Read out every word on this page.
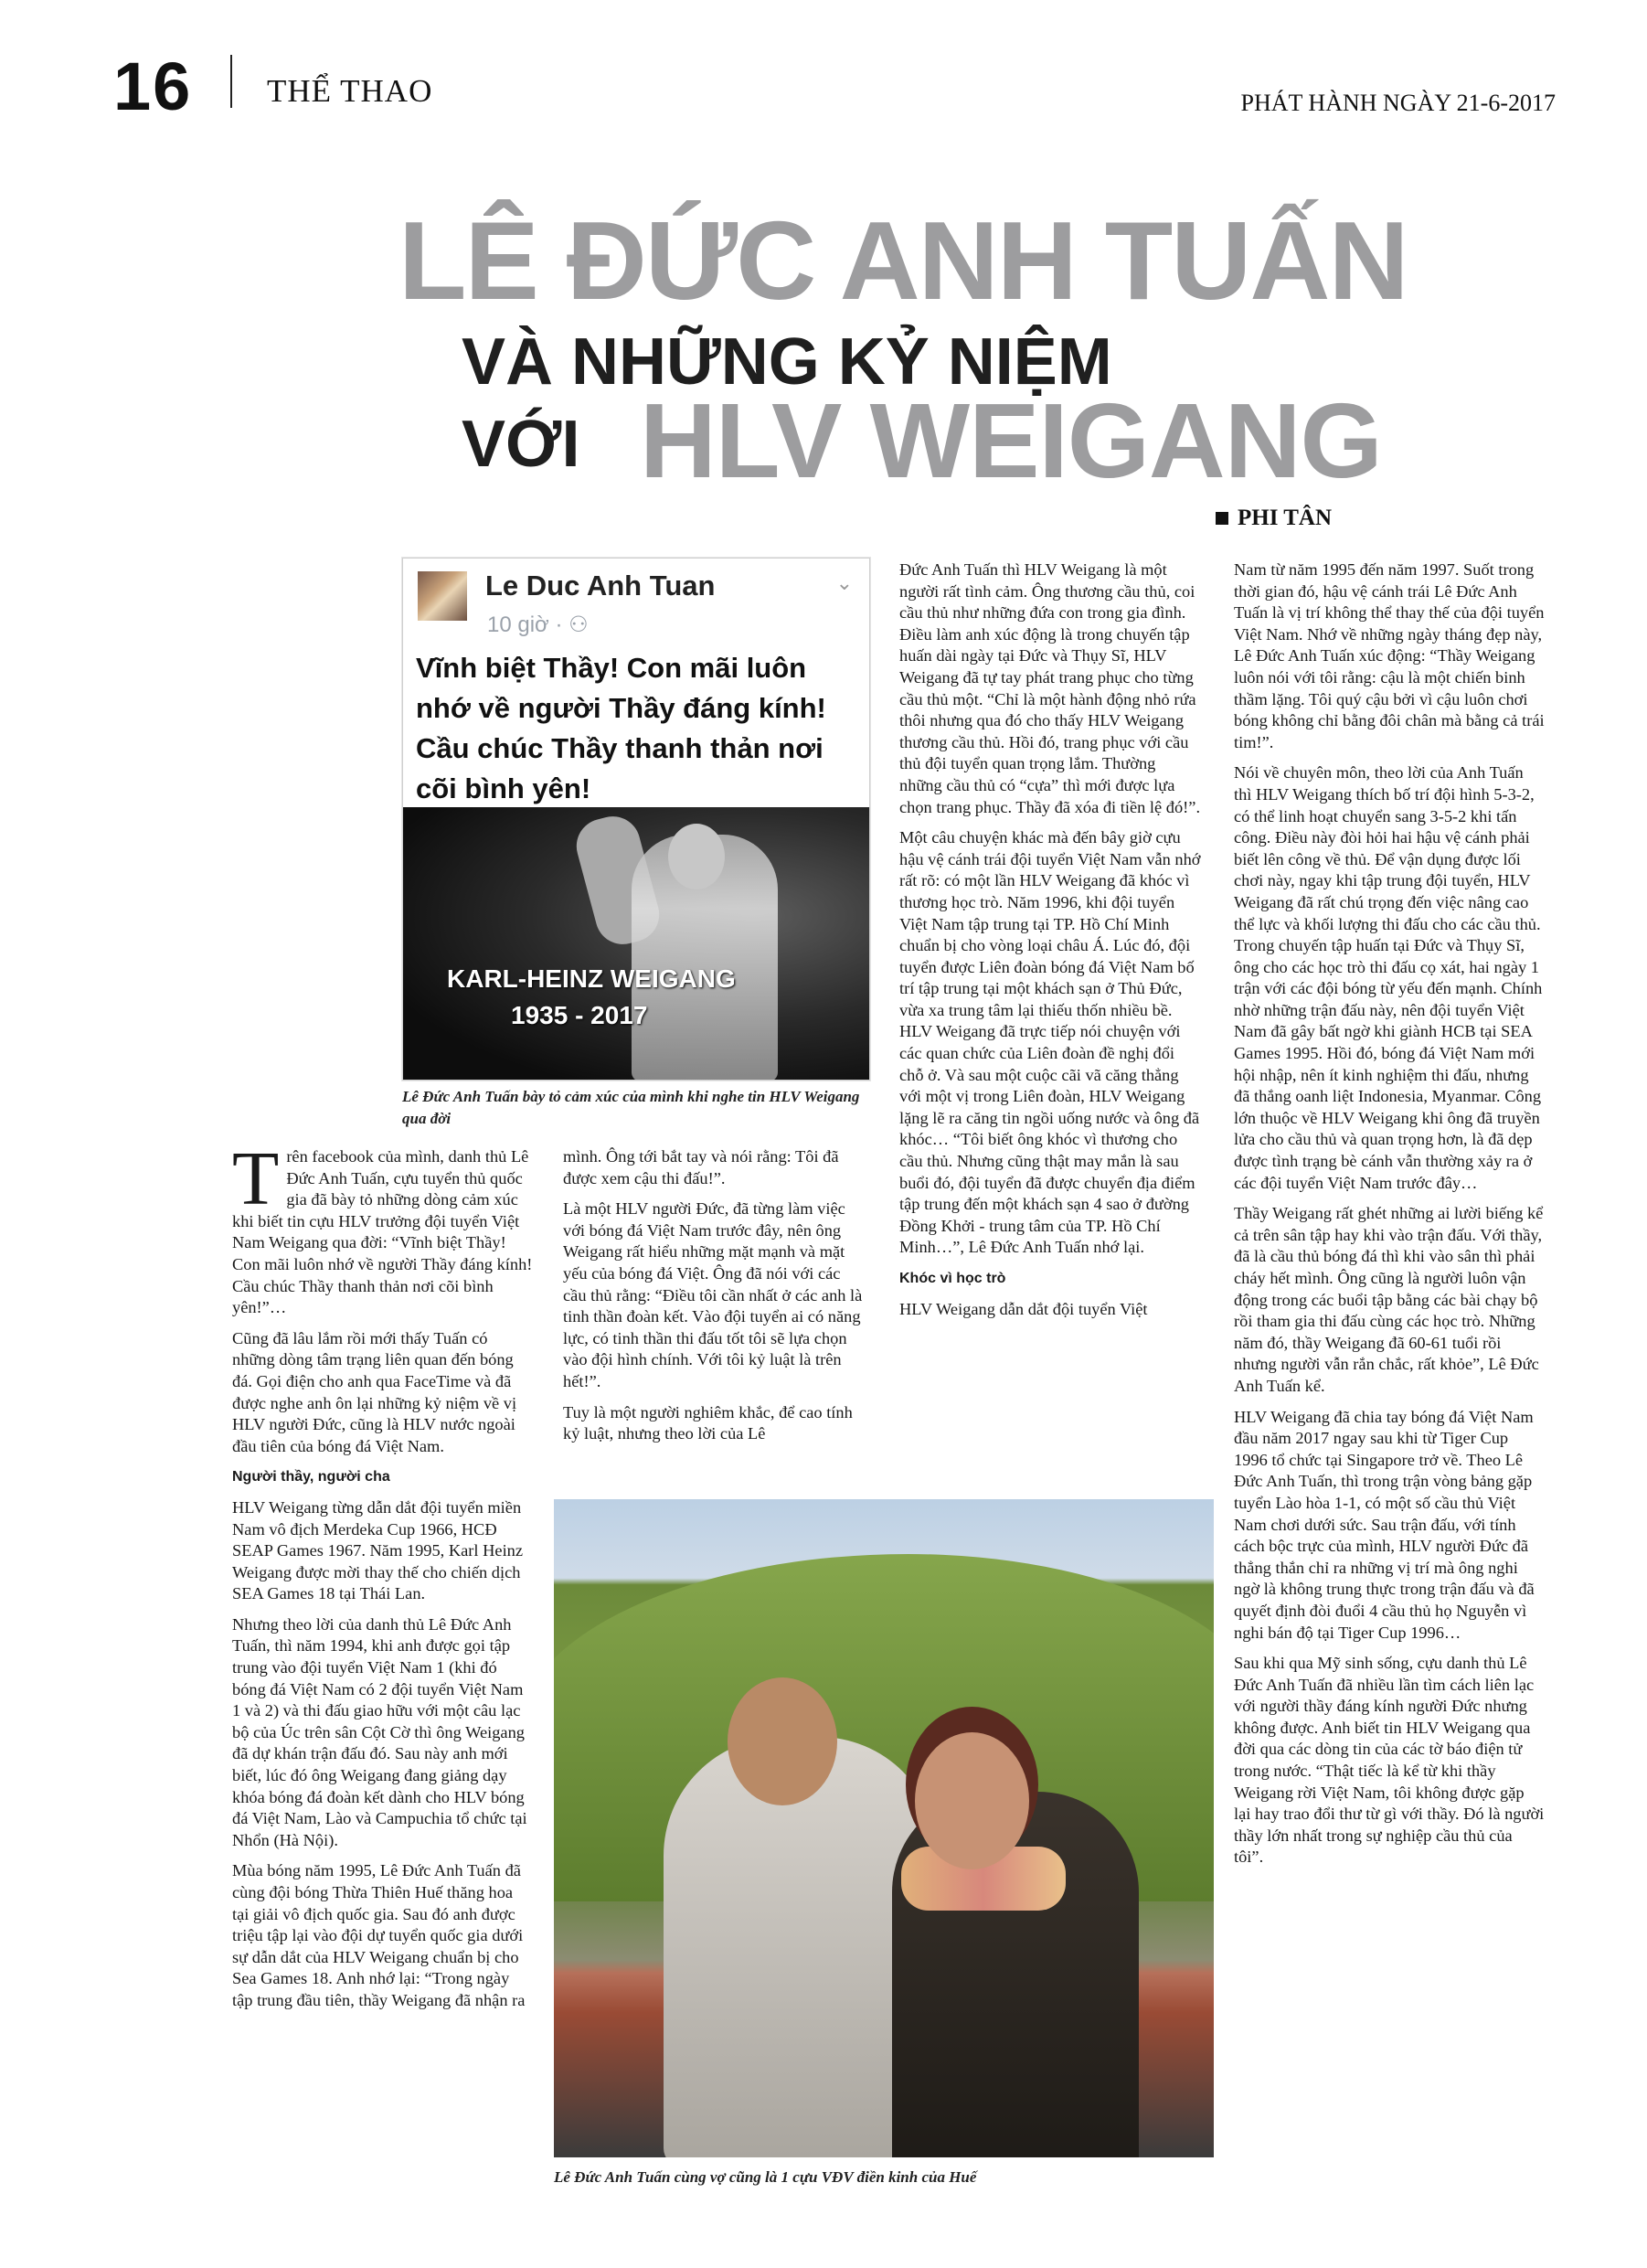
16 THỂ THAO	PHÁT HÀNH NGÀY 21-6-2017
LÊ ĐỨC ANH TUẤN
VÀ NHỮNG KỶ NIỆM
VỚI HLV WEIGANG
PHI TÂN
Le Duc Anh Tuan
10 giờ · ⚇
⌄
Vĩnh biệt Thầy! Con mãi luôn nhớ về người Thầy đáng kính! Cầu chúc Thầy thanh thản nơi cõi bình yên!
KARL-HEINZ WEIGANG
1935 - 2017
Lê Đức Anh Tuấn bày tỏ cảm xúc của mình khi nghe tin HLV Weigang qua đời

Trên facebook của mình, danh thủ Lê Đức Anh Tuấn, cựu tuyển thủ quốc gia đã bày tỏ những dòng cảm xúc khi biết tin cựu HLV trưởng đội tuyển Việt Nam Weigang qua đời: “Vĩnh biệt Thầy! Con mãi luôn nhớ về người Thầy đáng kính! Cầu chúc Thầy thanh thản nơi cõi bình yên!”…

Cũng đã lâu lắm rồi mới thấy Tuấn có những dòng tâm trạng liên quan đến bóng đá. Gọi điện cho anh qua FaceTime và đã được nghe anh ôn lại những kỷ niệm về vị HLV người Đức, cũng là HLV nước ngoài đầu tiên của bóng đá Việt Nam.

Người thầy, người cha

HLV Weigang từng dẫn dắt đội tuyển miền Nam vô địch Merdeka Cup 1966, HCĐ SEAP Games 1967. Năm 1995, Karl Heinz Weigang được mời thay thế cho chiến dịch SEA Games 18 tại Thái Lan.

Nhưng theo lời của danh thủ Lê Đức Anh Tuấn, thì năm 1994, khi anh được gọi tập trung vào đội tuyển Việt Nam 1 (khi đó bóng đá Việt Nam có 2 đội tuyển Việt Nam 1 và 2) và thi đấu giao hữu với một câu lạc bộ của Úc trên sân Cột Cờ thì ông Weigang đã dự khán trận đấu đó. Sau này anh mới biết, lúc đó ông Weigang đang giảng dạy khóa bóng đá đoàn kết dành cho HLV bóng đá Việt Nam, Lào và Campuchia tổ chức tại Nhổn (Hà Nội).

Mùa bóng năm 1995, Lê Đức Anh Tuấn đã cùng đội bóng Thừa Thiên Huế thăng hoa tại giải vô địch quốc gia. Sau đó anh được triệu tập lại vào đội dự tuyển quốc gia dưới sự dẫn dắt của HLV Weigang chuẩn bị cho Sea Games 18. Anh nhớ lại: “Trong ngày tập trung đầu tiên, thầy Weigang đã nhận ra

mình. Ông tới bắt tay và nói rằng: Tôi đã được xem cậu thi đấu!”.

Là một HLV người Đức, đã từng làm việc với bóng đá Việt Nam trước đây, nên ông Weigang rất hiểu những mặt mạnh và mặt yếu của bóng đá Việt. Ông đã nói với các cầu thủ rằng: “Điều tôi cần nhất ở các anh là tinh thần đoàn kết. Vào đội tuyển ai có năng lực, có tinh thần thi đấu tốt tôi sẽ lựa chọn vào đội hình chính. Với tôi kỷ luật là trên hết!”.

Tuy là một người nghiêm khắc, để cao tính kỷ luật, nhưng theo lời của Lê

Đức Anh Tuấn thì HLV Weigang là một người rất tình cảm. Ông thương cầu thủ, coi cầu thủ như những đứa con trong gia đình. Điều làm anh xúc động là trong chuyến tập huấn dài ngày tại Đức và Thụy Sĩ, HLV Weigang đã tự tay phát trang phục cho từng cầu thủ một. “Chỉ là một hành động nhỏ rứa thôi nhưng qua đó cho thấy HLV Weigang thương cầu thủ. Hồi đó, trang phục với cầu thủ đội tuyển quan trọng lắm. Thường những cầu thủ có “cựa” thì mới được lựa chọn trang phục. Thầy đã xóa đi tiền lệ đó!”.

Một câu chuyện khác mà đến bây giờ cựu hậu vệ cánh trái đội tuyển Việt Nam vẫn nhớ rất rõ: có một lần HLV Weigang đã khóc vì thương học trò. Năm 1996, khi đội tuyển Việt Nam tập trung tại TP. Hồ Chí Minh chuẩn bị cho vòng loại châu Á. Lúc đó, đội tuyển được Liên đoàn bóng đá Việt Nam bố trí tập trung tại một khách sạn ở Thủ Đức, vừa xa trung tâm lại thiếu thốn nhiều bề. HLV Weigang đã trực tiếp nói chuyện với các quan chức của Liên đoàn đề nghị đổi chỗ ở. Và sau một cuộc cãi vã căng thẳng với một vị trong Liên đoàn, HLV Weigang lặng lẽ ra căng tin ngồi uống nước và ông đã khóc… “Tôi biết ông khóc vì thương cho cầu thủ. Nhưng cũng thật may mắn là sau buổi đó, đội tuyển đã được chuyển địa điểm tập trung đến một khách sạn 4 sao ở đường Đồng Khởi - trung tâm của TP. Hồ Chí Minh…”, Lê Đức Anh Tuấn nhớ lại.

Khóc vì học trò

HLV Weigang dẫn dắt đội tuyển Việt

Nam từ năm 1995 đến năm 1997. Suốt trong thời gian đó, hậu vệ cánh trái Lê Đức Anh Tuấn là vị trí không thể thay thế của đội tuyển Việt Nam. Nhớ về những ngày tháng đẹp này, Lê Đức Anh Tuấn xúc động: “Thầy Weigang luôn nói với tôi rằng: cậu là một chiến binh thầm lặng. Tôi quý cậu bởi vì cậu luôn chơi bóng không chỉ bằng đôi chân mà bằng cả trái tim!”.

Nói về chuyên môn, theo lời của Anh Tuấn thì HLV Weigang thích bố trí đội hình 5-3-2, có thể linh hoạt chuyển sang 3-5-2 khi tấn công. Điều này đòi hỏi hai hậu vệ cánh phải biết lên công về thủ. Để vận dụng được lối chơi này, ngay khi tập trung đội tuyển, HLV Weigang đã rất chú trọng đến việc nâng cao thể lực và khối lượng thi đấu cho các cầu thủ. Trong chuyến tập huấn tại Đức và Thụy Sĩ, ông cho các học trò thi đấu cọ xát, hai ngày 1 trận với các đội bóng từ yếu đến mạnh. Chính nhờ những trận đấu này, nên đội tuyển Việt Nam đã gây bất ngờ khi giành HCB tại SEA Games 1995. Hồi đó, bóng đá Việt Nam mới hội nhập, nên ít kinh nghiệm thi đấu, nhưng đã thắng oanh liệt Indonesia, Myanmar. Công lớn thuộc về HLV Weigang khi ông đã truyền lửa cho cầu thủ và quan trọng hơn, là đã dẹp được tình trạng bè cánh vẫn thường xảy ra ở các đội tuyển Việt Nam trước đây…

Thầy Weigang rất ghét những ai lười biếng kể cả trên sân tập hay khi vào trận đấu. Với thầy, đã là cầu thủ bóng đá thì khi vào sân thì phải cháy hết mình. Ông cũng là người luôn vận động trong các buổi tập bằng các bài chạy bộ rồi tham gia thi đấu cùng các học trò. Những năm đó, thầy Weigang đã 60-61 tuổi rồi nhưng người vẫn rắn chắc, rất khỏe”, Lê Đức Anh Tuấn kể.

HLV Weigang đã chia tay bóng đá Việt Nam đầu năm 2017 ngay sau khi từ Tiger Cup 1996 tổ chức tại Singapore trở về. Theo Lê Đức Anh Tuấn, thì trong trận vòng bảng gặp tuyển Lào hòa 1-1, có một số cầu thủ Việt Nam chơi dưới sức. Sau trận đấu, với tính cách bộc trực của mình, HLV người Đức đã thẳng thắn chỉ ra những vị trí mà ông nghi ngờ là không trung thực trong trận đấu và đã quyết định đòi đuổi 4 cầu thủ họ Nguyễn vì nghi bán độ tại Tiger Cup 1996…

Sau khi qua Mỹ sinh sống, cựu danh thủ Lê Đức Anh Tuấn đã nhiều lần tìm cách liên lạc với người thầy đáng kính người Đức nhưng không được. Anh biết tin HLV Weigang qua đời qua các dòng tin của các tờ báo điện tử trong nước. “Thật tiếc là kể từ khi thầy Weigang rời Việt Nam, tôi không được gặp lại hay trao đổi thư từ gì với thầy. Đó là người thầy lớn nhất trong sự nghiệp cầu thủ của tôi”.

Lê Đức Anh Tuấn cùng vợ cũng là 1 cựu VĐV điền kinh của Huế
